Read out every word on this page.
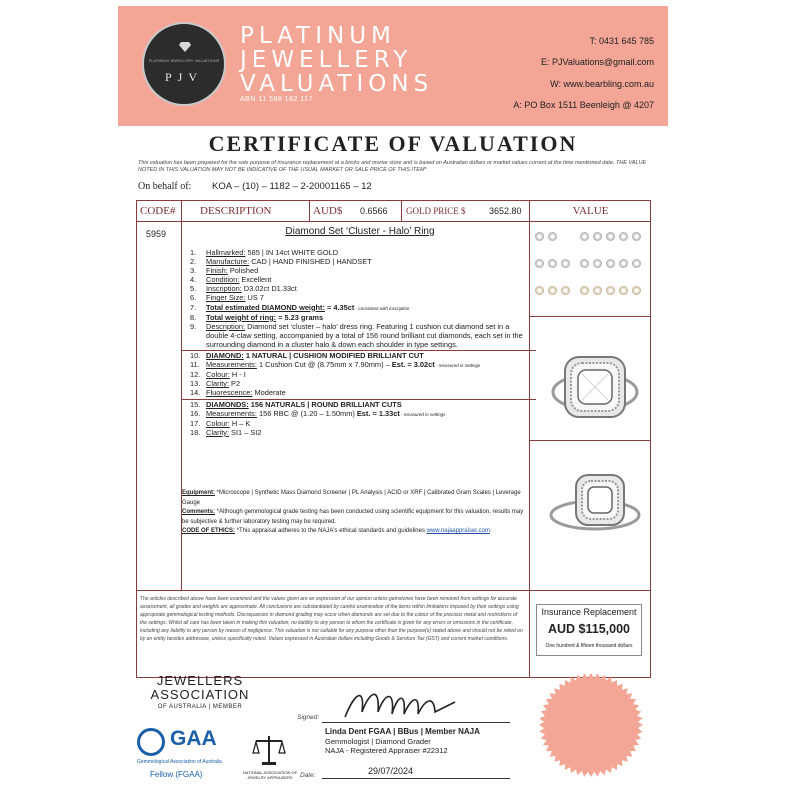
PLATINUM JEWELLERY VALUATIONS
PJV
PLATINUM
JEWELLERY
VALUATIONS
ABN 11 588 182 117
T: 0431 645 785
E: PJValuations@gmail.com
W: www.bearbling.com.au
A: PO Box 1511 Beenleigh @ 4207
CERTIFICATE OF VALUATION
This valuation has been prepared for the sole purpose of insurance replacement at a bricks and mortar store and is based on Australian dollars or market values current at the time mentioned date. THE VALUE NOTED IN THIS VALUATION MAY NOT BE INDICATIVE OF THE USUAL MARKET OR SALE PRICE OF THIS ITEM*
On behalf of: KOA – (10) – 1182 – 2-20001165 – 12
CODE# DESCRIPTION	AUD$ 0.6566 GOLD PRICE $	3652.80	VALUE
5959	Diamond Set ‘Cluster - Halo’ Ring
1.	Hallmarked: 585 | IN 14ct WHITE GOLD
2.	Manufacture: CAD | HAND FINISHED | HANDSET
3.	Finish: Polished
4.	Condition: Excellent
5.	Inscription: D3.02ct D1.33ct
6.	Finger Size: US 7
7.	Total estimated DIAMOND weight: = 4.35ct - consistent with inscription
8.	Total weight of ring: = 5.23 grams
9.	Description: Diamond set ‘cluster – halo’ dress ring. Featuring 1 cushion cut diamond set in a double 4-claw setting, accompanied by a total of 156 round brilliant cut diamonds, each set in the surrounding diamond in a cluster halo & down each shoulder in type settings.
10. DIAMOND: 1 NATURAL | CUSHION MODIFIED BRILLIANT CUT
11. Measurements: 1 Cushion Cut @ (8.75mm x 7.90mm) – Est. = 3.02ct - measured in settings
12. Colour: H - I
13. Clarity: P2
14. Fluorescence: Moderate
15. DIAMONDS: 156 NATURALS | ROUND BRILLIANT CUTS
16. Measurements: 156 RBC @ (1.20 – 1.50mm) Est. = 1.33ct - measured in settings
17. Colour: H – K
18. Clarity: SI1 – SI2
Equipment: *Microscope | Synthetic Mass Diamond Screener | PL Analysis | ACID or XRF | Calibrated Gram Scales | Leverage Gauge
Comments: *Although gemmological grade testing has been conducted using scientific equipment for this valuation, results may be subjective & further laboratory testing may be required.
CODE OF ETHICS: *This appraisal adheres to the NAJA's ethical standards and guidelines www.najaappraiser.com
The articles described above have been examined and the values given are an expression of our opinion unless gemstones have been removed from settings for accurate assessment, all grades and weights are approximate. All conclusions are substantiated by careful examination of the items within limitations imposed by their settings using appropriate gemmological testing methods. Discrepancies in diamond grading may occur when diamonds are set due to the colour of the precious metal and restrictions of the settings. Whilst all care has been taken in making this valuation, no liability to any person to whom the certificate is given for any errors or omissions in the certificate, including any liability to any person by reason of negligence. This valuation is not suitable for any purpose other than the purpose(s) stated above and should not be relied on by an entity besides addressee, unless specifically noted. Values expressed in Australian dollars including Goods & Services Tax (GST) and current market conditions.
Insurance Replacement
AUD $115,000
One hundred & fifteen thousand dollars
JEWELLERS
ASSOCIATION
OF AUSTRALIA | MEMBER
GAA
Gemmological Association of Australia
Fellow (FGAA)	NATIONAL ASSOCIATION OF JEWELRY APPRAISERS
Signed:
Linda Dent FGAA | BBus | Member NAJA
Gemmologist | Diamond Grader
NAJA - Registered Appraiser #22312
Date:	29/07/2024
